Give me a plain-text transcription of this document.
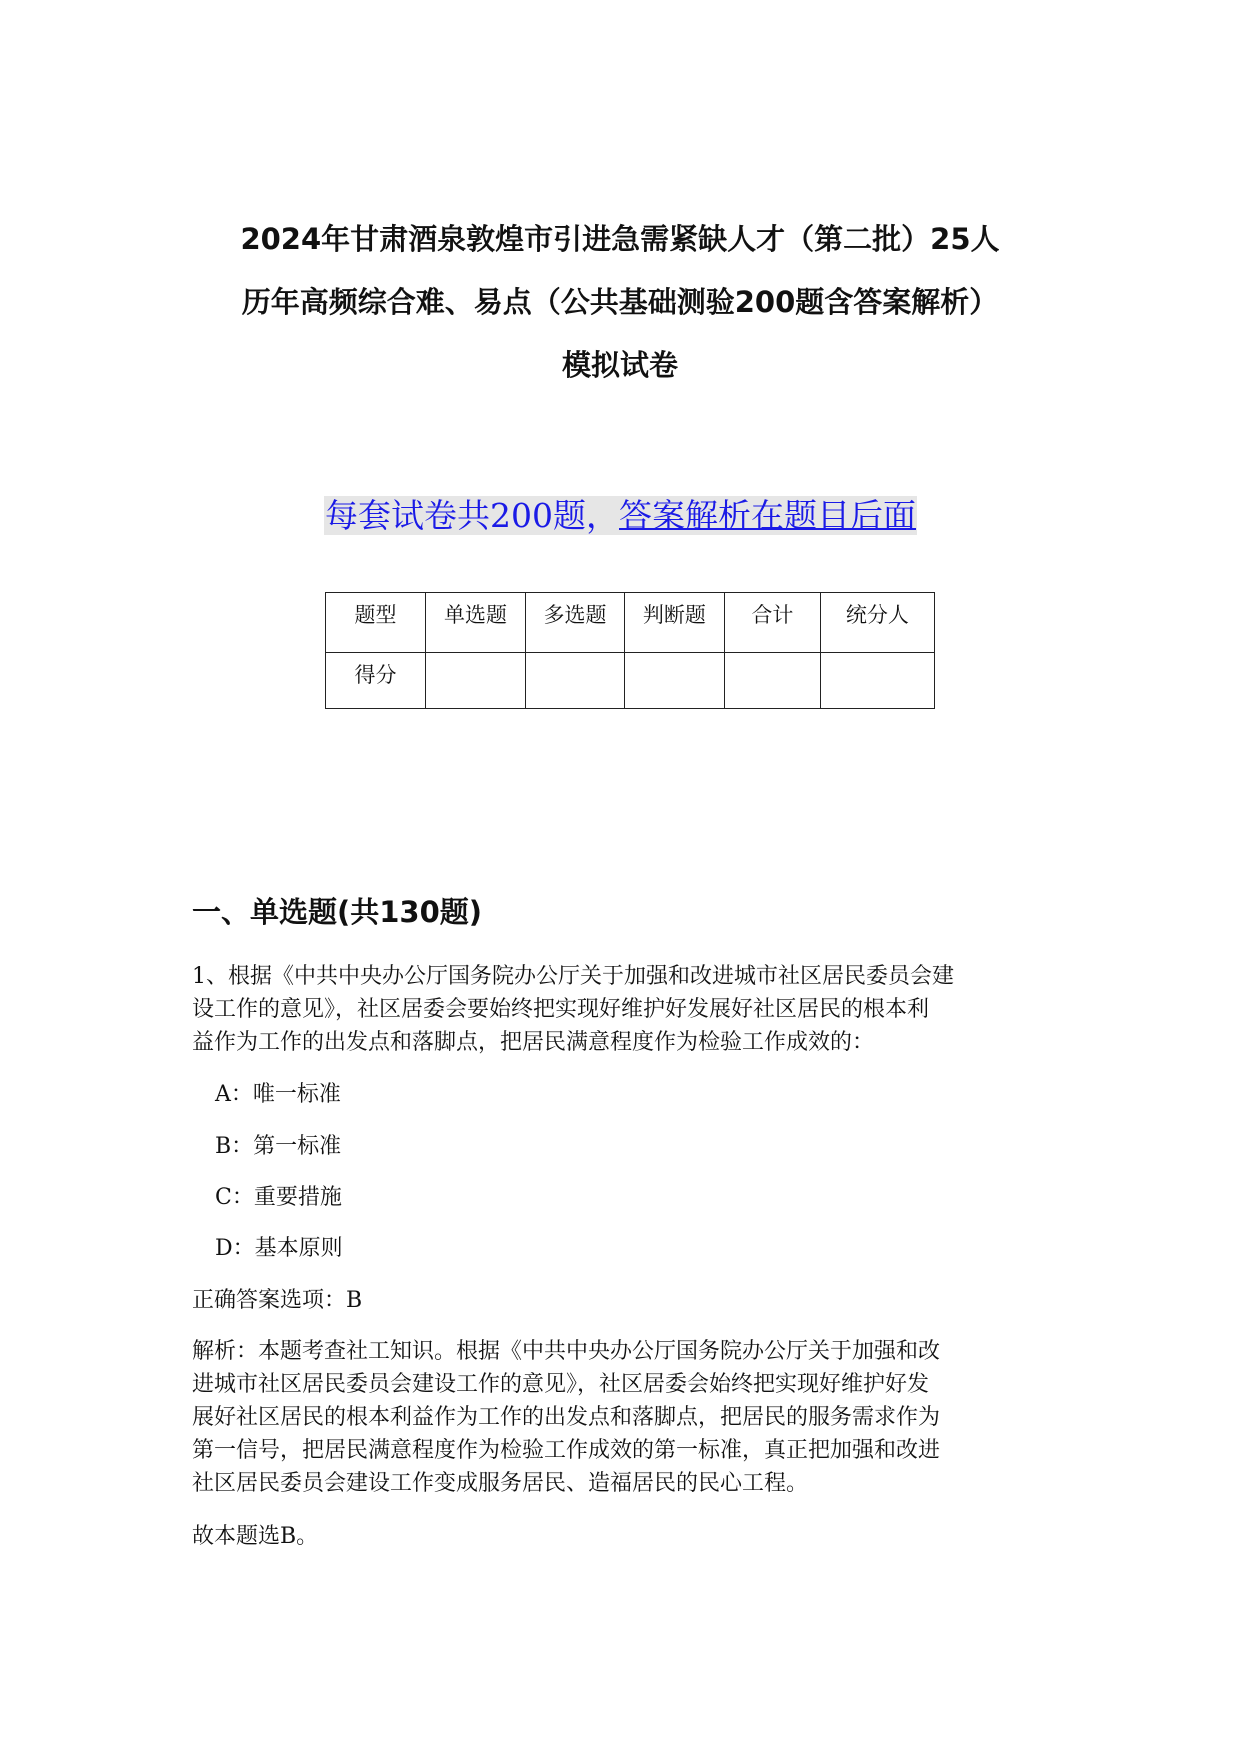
2024年甘肃酒泉敦煌市引进急需紧缺人才（第二批）25人
历年高频综合难、易点（公共基础测验200题含答案解析）
模拟试卷
每套试卷共200题，答案解析在题目后面
题型	单选题	多选题	判断题	合计	统分人
得分					
一、单选题(共130题)

1、根据《中共中央办公厅国务院办公厅关于加强和改进城市社区居民委员会建
设工作的意见》，社区居委会要始终把实现好维护好发展好社区居民的根本利
益作为工作的出发点和落脚点，把居民满意程度作为检验工作成效的：

A：唯一标准

B：第一标准

C：重要措施

D：基本原则

正确答案选项：B

解析：本题考查社工知识。根据《中共中央办公厅国务院办公厅关于加强和改
进城市社区居民委员会建设工作的意见》，社区居委会始终把实现好维护好发
展好社区居民的根本利益作为工作的出发点和落脚点，把居民的服务需求作为
第一信号，把居民满意程度作为检验工作成效的第一标准，真正把加强和改进
社区居民委员会建设工作变成服务居民、造福居民的民心工程。

故本题选B。
